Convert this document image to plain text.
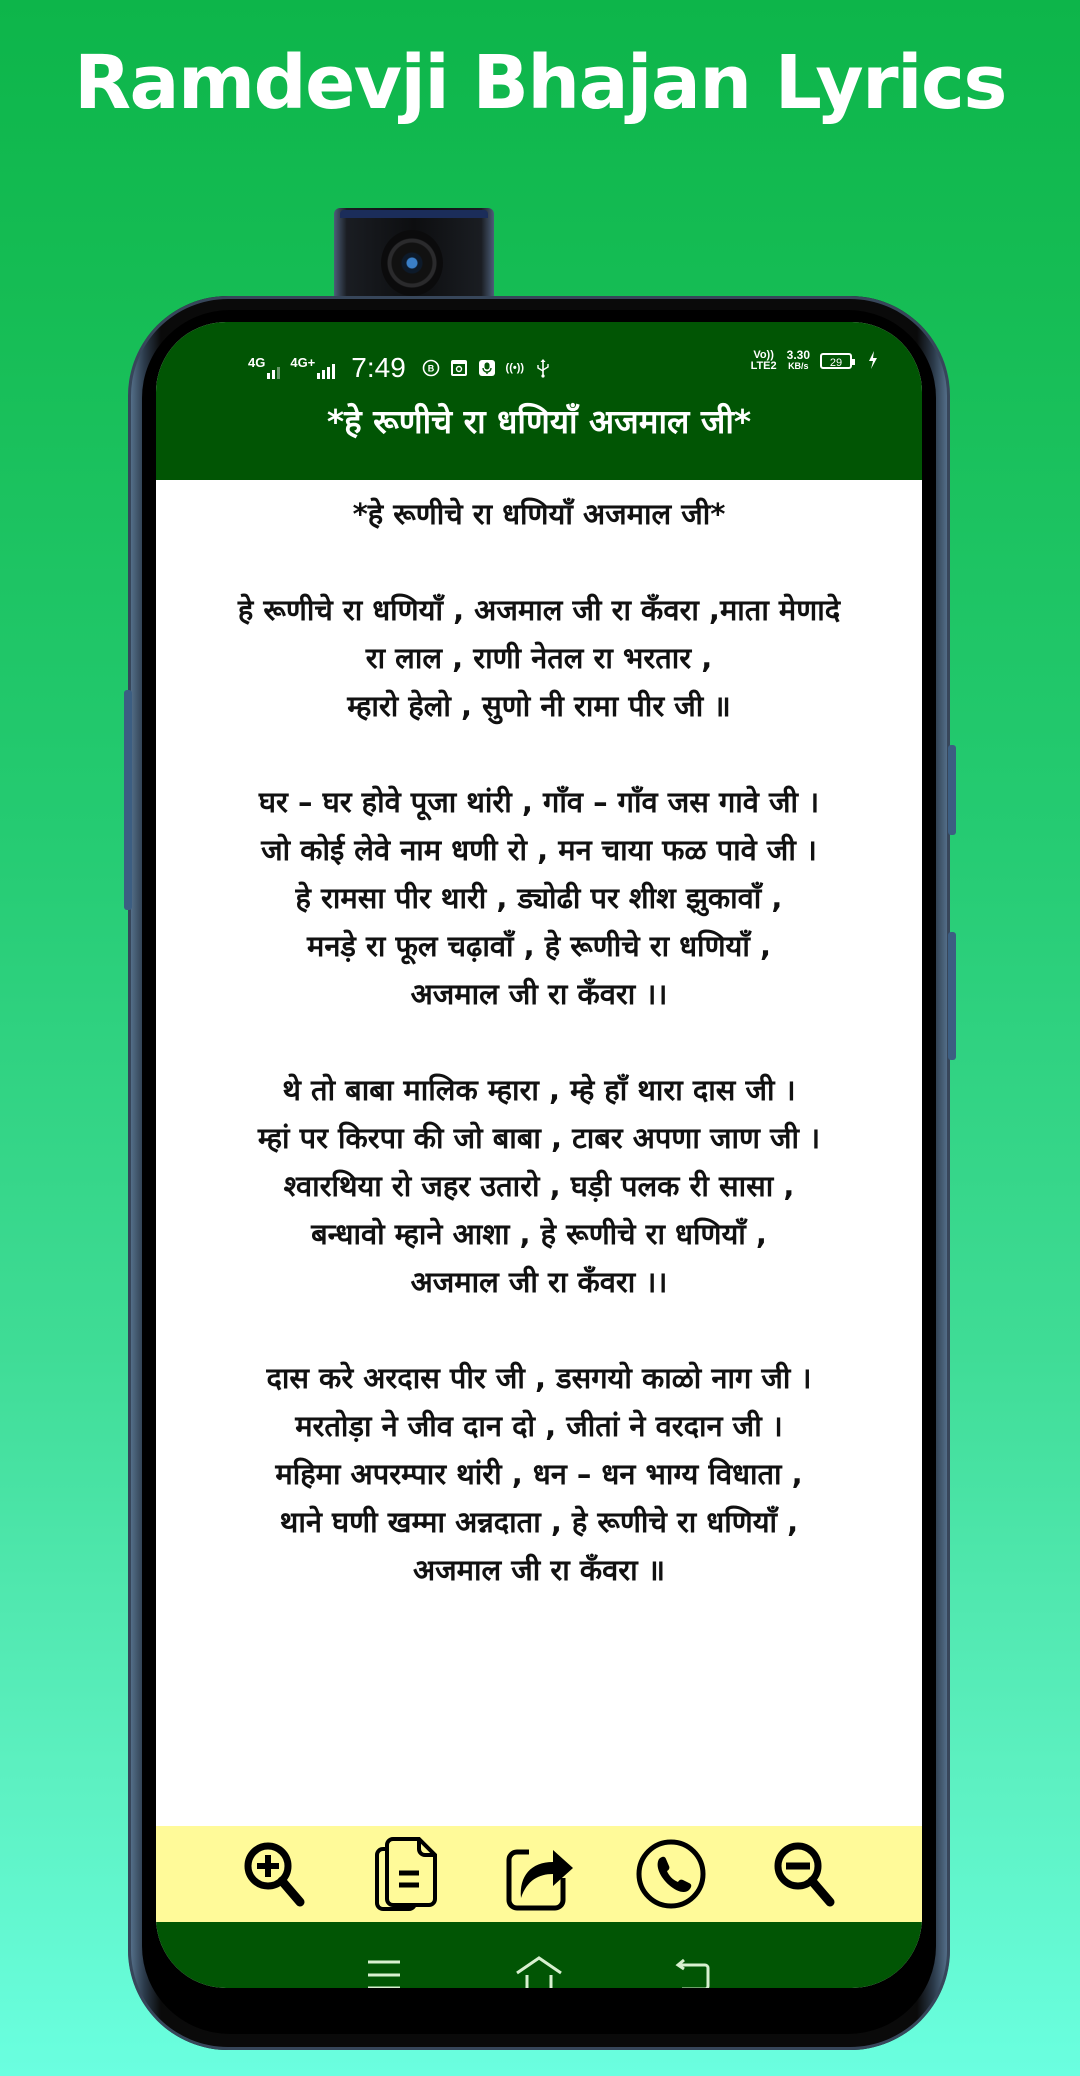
Ramdevji Bhajan Lyrics
4G 4G+ 7:49 B	((•))
Vo))
LTE2
3.30
KB/s	29
*हे रूणीचे रा धणियाँ अजमाल जी*
*हे रूणीचे रा धणियाँ अजमाल जी*
हे रूणीचे रा धणियाँ , अजमाल जी रा कँवरा ,माता मेणादे
रा लाल , राणी नेतल रा भरतार ,
म्हारो हेलो , सुणो नी रामा पीर जी ॥
घर – घर होवे पूजा थांरी , गाँव – गाँव जस गावे जी ।
जो कोई लेवे नाम धणी रो , मन चाया फळ पावे जी ।
हे रामसा पीर थारी , ड्योढी पर शीश झुकावाँ ,
मनड़े रा फूल चढ़ावाँ , हे रूणीचे रा धणियाँ ,
अजमाल जी रा कँवरा ।।
थे तो बाबा मालिक म्हारा , म्हे हाँ थारा दास जी ।
म्हां पर किरपा की जो बाबा , टाबर अपणा जाण जी ।
श्वारथिया रो जहर उतारो , घड़ी पलक री सासा ,
बन्धावो म्हाने आशा , हे रूणीचे रा धणियाँ ,
अजमाल जी रा कँवरा ।।
दास करे अरदास पीर जी , डसगयो काळो नाग जी ।
मरतोड़ा ने जीव दान दो , जीतां ने वरदान जी ।
महिमा अपरम्पार थांरी , धन – धन भाग्य विधाता ,
थाने घणी खम्मा अन्नदाता , हे रूणीचे रा धणियाँ ,
अजमाल जी रा कँवरा ॥
